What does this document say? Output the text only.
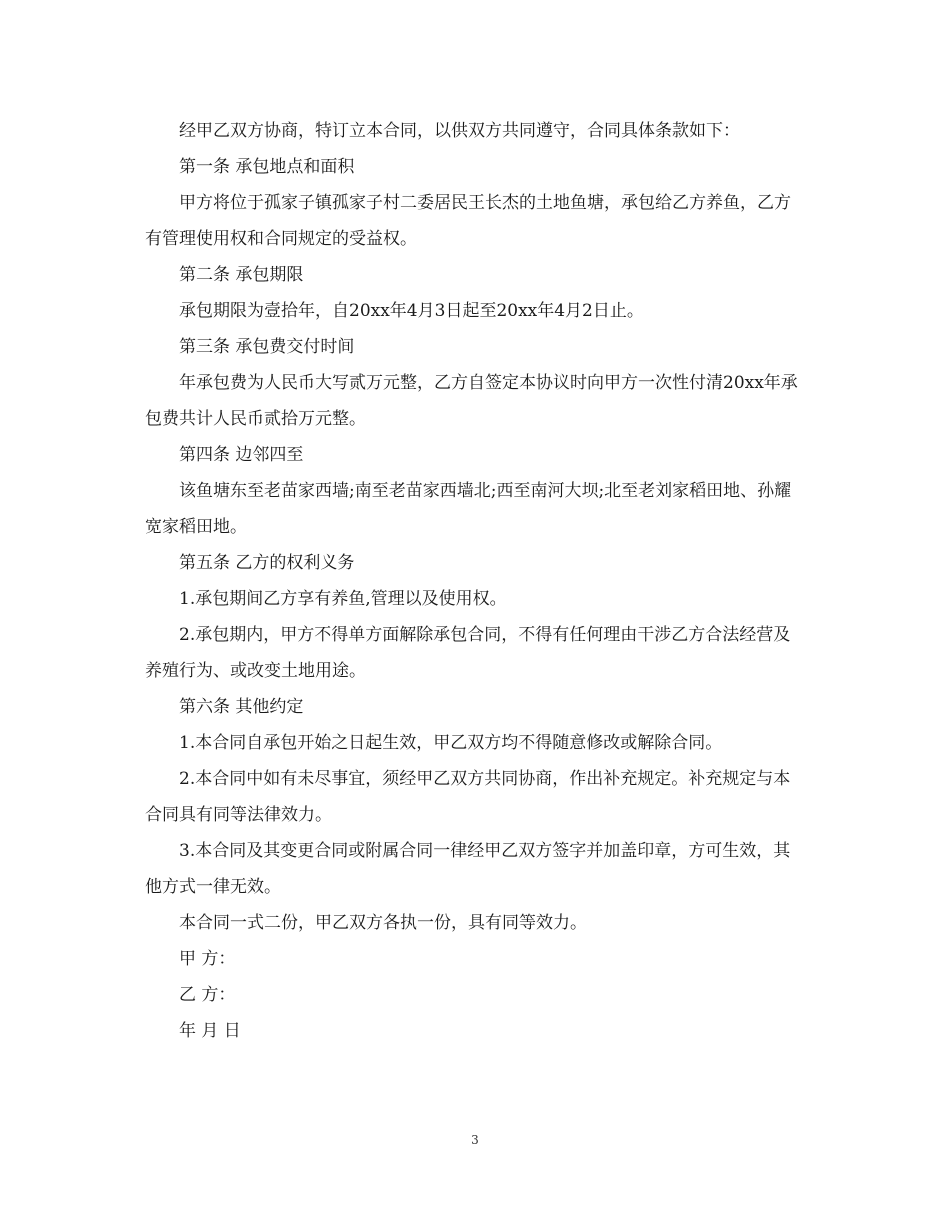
经甲乙双方协商，特订立本合同，以供双方共同遵守，合同具体条款如下：

第一条 承包地点和面积

甲方将位于孤家子镇孤家子村二委居民王长杰的土地鱼塘，承包给乙方养鱼，乙方有管理使用权和合同规定的受益权。

第二条 承包期限

承包期限为壹拾年，自20xx年4月3日起至20xx年4月2日止。

第三条 承包费交付时间

年承包费为人民币大写贰万元整，乙方自签定本协议时向甲方一次性付清20xx年承包费共计人民币贰拾万元整。

第四条 边邻四至

该鱼塘东至老苗家西墙;南至老苗家西墙北;西至南河大坝;北至老刘家稻田地、孙耀宽家稻田地。

第五条 乙方的权利义务

1.承包期间乙方享有养鱼,管理以及使用权。

2.承包期内，甲方不得单方面解除承包合同，不得有任何理由干涉乙方合法经营及养殖行为、或改变土地用途。

第六条 其他约定

1.本合同自承包开始之日起生效，甲乙双方均不得随意修改或解除合同。

2.本合同中如有未尽事宜，须经甲乙双方共同协商，作出补充规定。补充规定与本合同具有同等法律效力。

3.本合同及其变更合同或附属合同一律经甲乙双方签字并加盖印章，方可生效，其他方式一律无效。

本合同一式二份，甲乙双方各执一份，具有同等效力。

甲 方：

乙 方：

年 月 日

3
